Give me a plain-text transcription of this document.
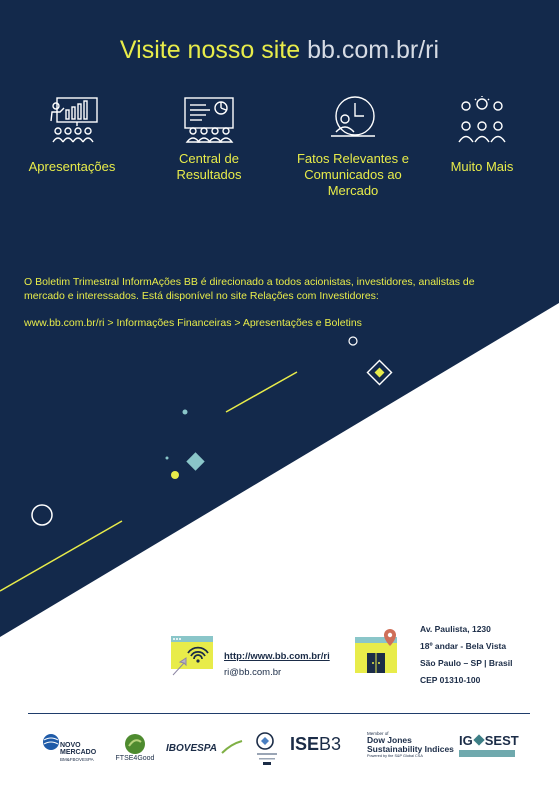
Visite nosso site bb.com.br/ri
Apresentações
Central de Resultados
Fatos Relevantes e Comunicados ao Mercado
Muito Mais
O Boletim Trimestral InformAções BB é direcionado a todos acionistas, investidores, analistas de mercado e interessados. Está disponível no site Relações com Investidores:
www.bb.com.br/ri > Informações Financeiras > Apresentações e Boletins
http://www.bb.com.br/ri
ri@bb.com.br
Av. Paulista, 1230
18º andar - Bela Vista
São Paulo – SP | Brasil
CEP 01310-100
NOVO
MERCADO
BM&FBOVESPA	FTSE4Good
IBOVESPA	ISEB3
Member of
Dow Jones
Sustainability Indices
Powered by the S&P Global CSA
IG SEST
